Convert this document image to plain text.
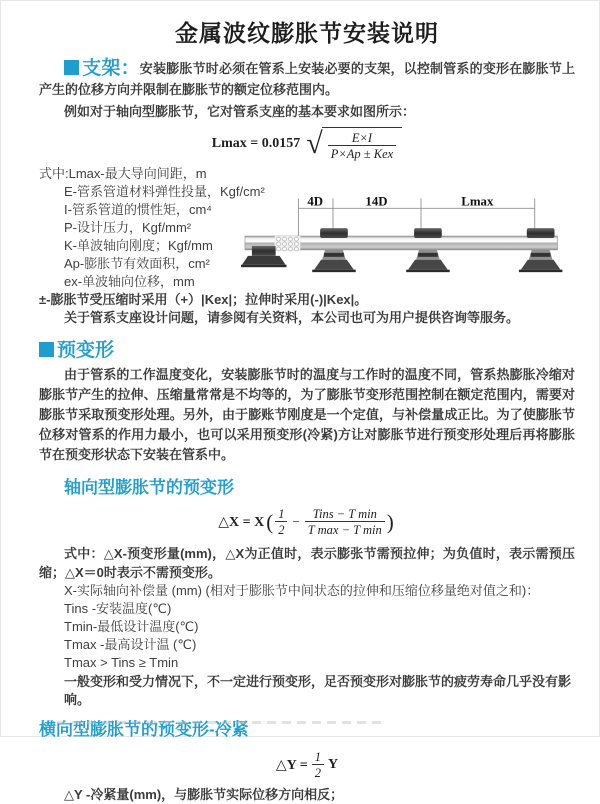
金属波纹膨胀节安装说明

支架：安装膨胀节时必须在管系上安装必要的支架，以控制管系的变形在膨胀节上产生的位移方向并限制在膨胀节的额定位移范围内。

例如对于轴向型膨胀节，它对管系支座的基本要求如图所示：

Lmax = 0.0157 √ $\frac{E\times I}{\text{P×Ap ± Kex}}$
式中:Lmax-最大导向间距，m
E-管系管道材料弹性投量，Kgf/cm²
I-管系管道的惯性矩，cm⁴
P-设计压力，Kgf/mm²
K-单波轴向刚度；Kgf/mm
Ap-膨胀节有效面积，cm²
ex-单波轴向位移，mm
±-膨胀节受压缩时采用（+）|Kex|；拉伸时采用(-)|Kex|。
关于管系支座设计问题，请参阅有关资料，本公司也可为用户提供咨询等服务。
预变形

由于管系的工作温度变化，安装膨胀节时的温度与工作时的温度不同，管系热膨胀冷缩对膨胀节产生的拉伸、压缩量常常是不均等的，为了膨胀节变形范围控制在额定范围内，需要对膨胀节采取预变形处理。另外，由于膨账节刚度是一个定值，与补偿量成正比。为了使膨胀节位移对管系的作用力最小，也可以采用预变形(冷紧)方让对膨胀节进行预变形处理后再将膨胀节在预变形状态下安装在管系中。

轴向型膨胀节的预变形
△X = X ( $\frac{1}{2} - \frac{\text{Tins − T min}}{\text{T max − T min}}$ )

式中：△X-预变形量(mm)，△X为正值时，表示膨张节需预拉伸；为负值时，表示需预压缩；△X＝0时表示不需预变形。

X-实际轴向补偿量 (mm) (相对于膨胀节中间状态的拉伸和压缩位移量绝对值之和)：
Tins -安装温度(℃)
Tmin-最低设计温度(℃)
Tmax -最高设计温 (℃)
Tmax > Tins ≥ Tmin

一般变形和受力情况下，不一定进行预变形，足否预变形对膨胀节的疲劳寿命几乎没有影响。

横向型膨胀节的预变形-冷紧
△Y = $\frac{1}{2}$ Y

△Y -冷紧量(mm)，与膨胀节实际位移方向相反；

4D	14D	Lmax
